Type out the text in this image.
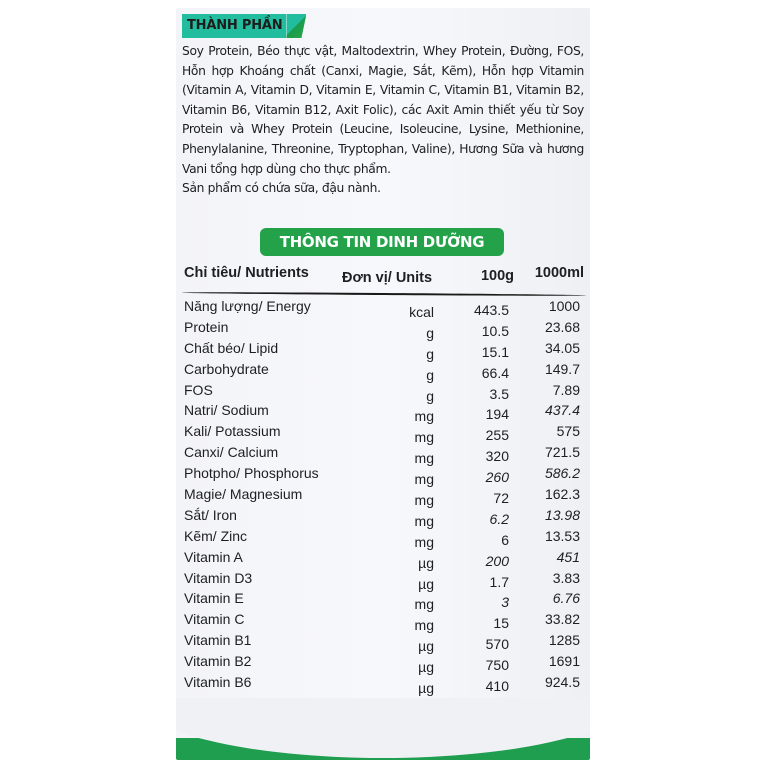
THÀNH PHẦN

Soy Protein, Béo thực vật, Maltodextrin, Whey Protein, Đường, FOS, Hỗn hợp Khoáng chất (Canxi, Magie, Sắt, Kẽm), Hỗn hợp Vitamin (Vitamin A, Vitamin D, Vitamin E, Vitamin C, Vitamin B1, Vitamin B2, Vitamin B6, Vitamin B12, Axit Folic), các Axit Amin thiết yếu từ Soy Protein và Whey Protein (Leucine, Isoleucine, Lysine, Methionine, Phenylalanine, Threonine, Tryptophan, Valine), Hương Sữa và hương Vani tổng hợp dùng cho thực phẩm.

Sản phẩm có chứa sữa, đậu nành.

THÔNG TIN DINH DƯỠNG
Chỉ tiêu/ Nutrients Đơn vị/ Units	100g 1000ml
Năng lượng/ Energy	kcal	443.5	1000
Protein	g	10.5	23.68
Chất béo/ Lipid	g	15.1	34.05
Carbohydrate	g	66.4	149.7
FOS	g	3.5	7.89
Natri/ Sodium	mg	194	437.4
Kali/ Potassium	mg	255	575
Canxi/ Calcium	mg	320	721.5
Photpho/ Phosphorus	mg	260	586.2
Magie/ Magnesium	mg	72	162.3
Sắt/ Iron	mg	6.2	13.98
Kẽm/ Zinc	mg	6	13.53
Vitamin A	µg	200	451
Vitamin D3	µg	1.7	3.83
Vitamin E	mg	3	6.76
Vitamin C	mg	15	33.82
Vitamin B1	µg	570	1285
Vitamin B2	µg	750	1691
Vitamin B6	µg	410	924.5
